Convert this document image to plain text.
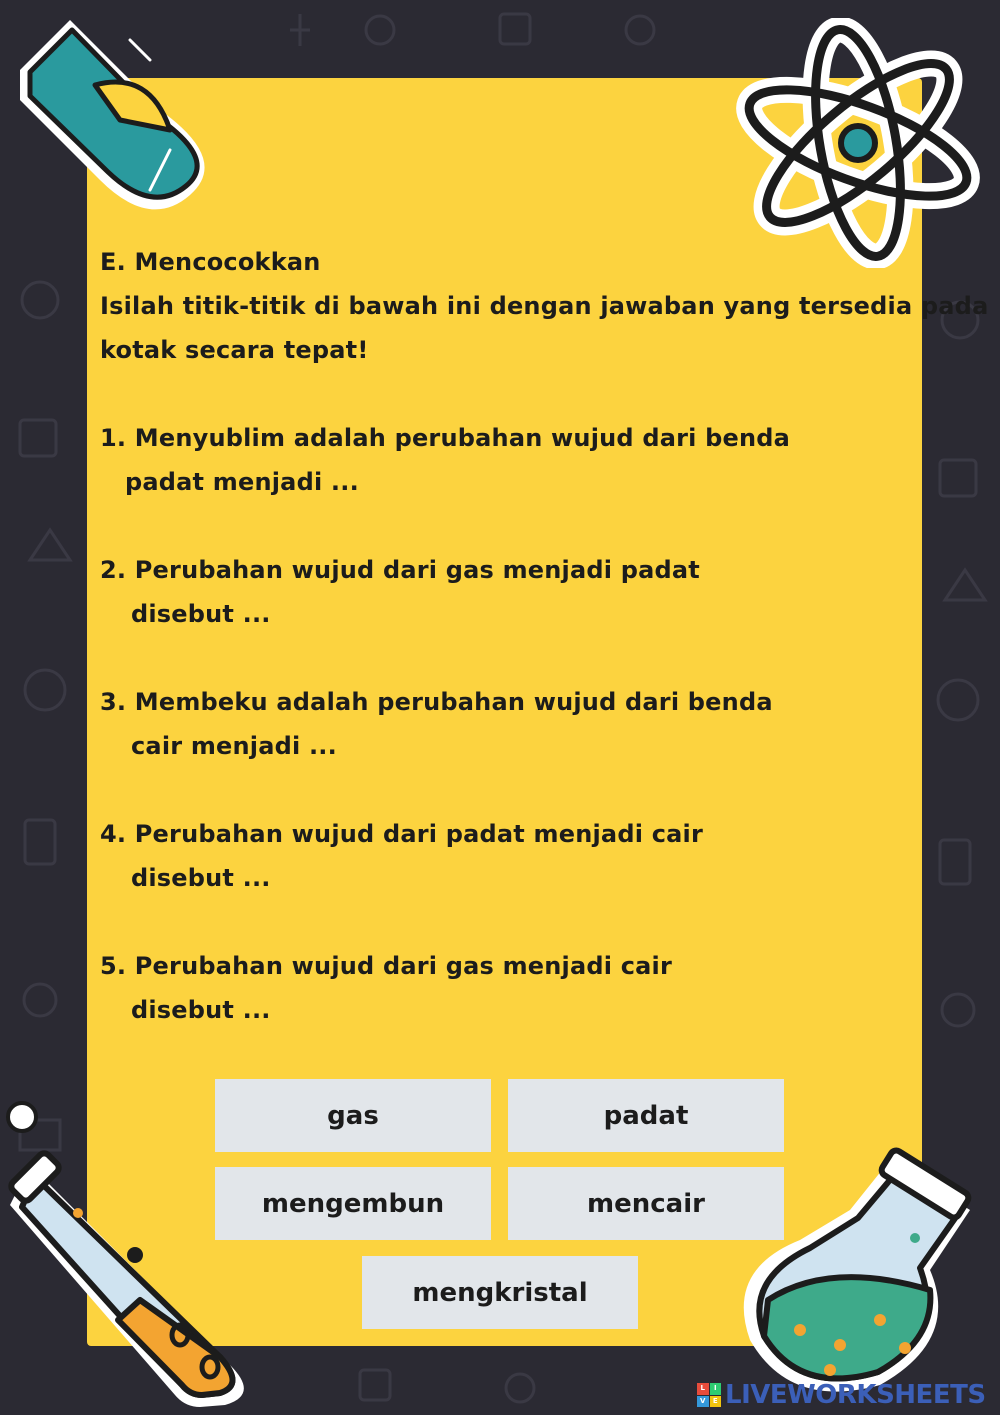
E. Mencocokkan
Isilah titik-titik di bawah ini dengan jawaban yang tersedia pada
kotak secara tepat!
1. Menyublim adalah perubahan wujud dari benda
padat menjadi ...
2. Perubahan wujud dari gas menjadi padat
disebut ...
3. Membeku adalah perubahan wujud dari benda
cair menjadi ...
4. Perubahan wujud dari padat menjadi cair
disebut ...
5. Perubahan wujud dari gas menjadi cair
disebut ...
gas	padat
mengembun	mencair
mengkristal
L	I
V	E LIVEWORKSHEETS
